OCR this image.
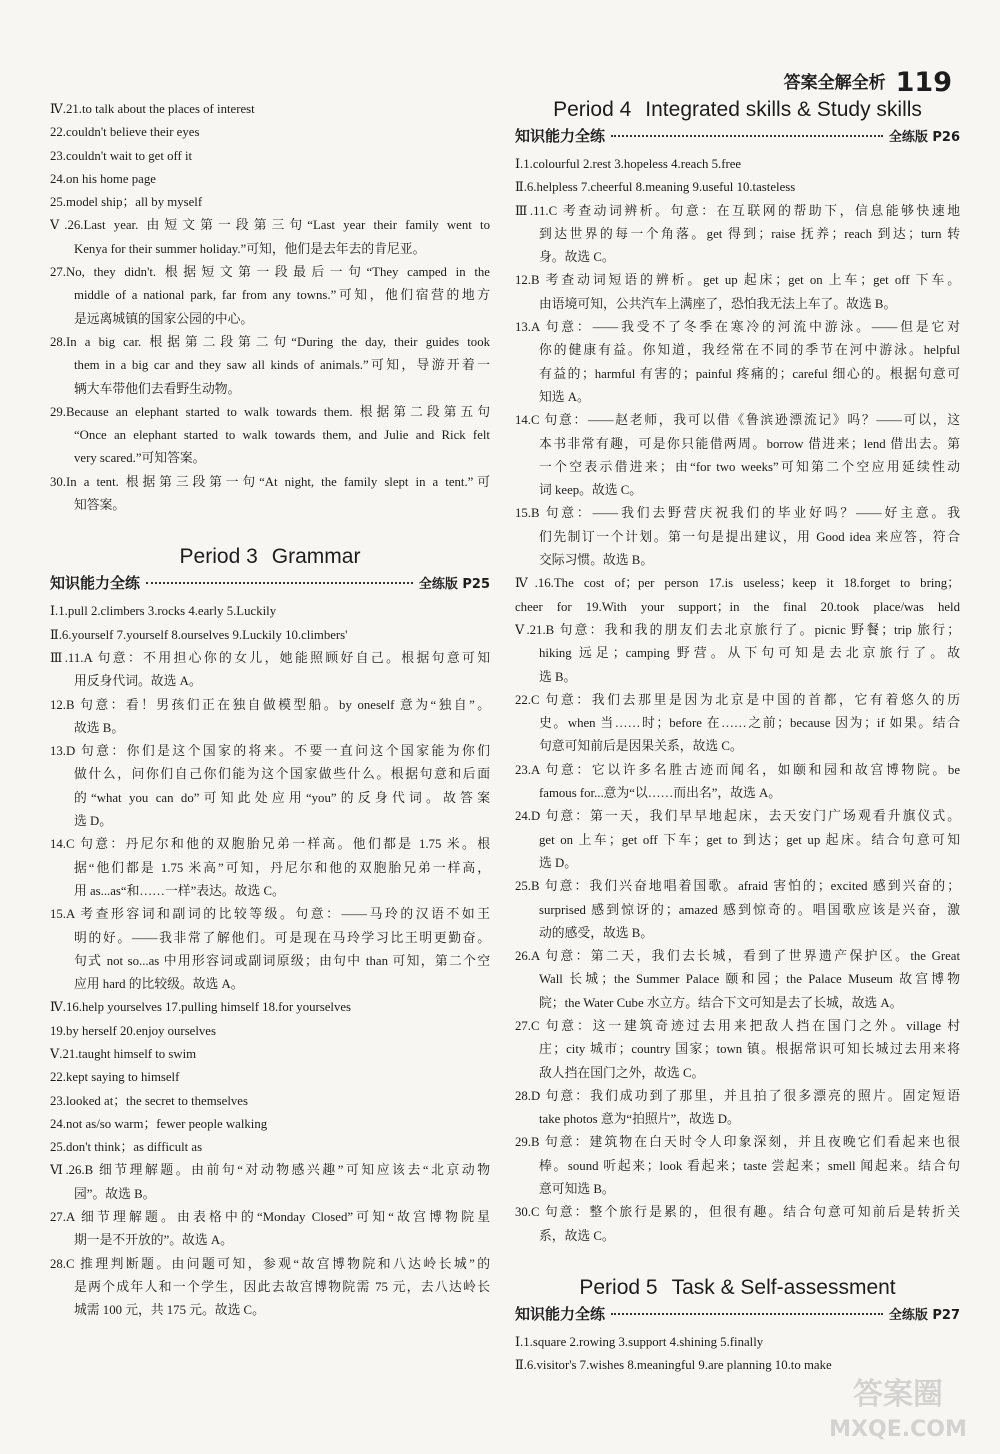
答案全解全析 119
Ⅳ.21.to talk about the places of interest
22.couldn't believe their eyes
23.couldn't wait to get off it
24.on his home page
25.model ship；all by myself
Ⅴ.26.Last year. 由短文第一段第三句“Last year their family went to
Kenya for their summer holiday.”可知，他们是去年去的肯尼亚。
27.No, they didn't. 根据短文第一段最后一句“They camped in the
middle of a national park, far from any towns.”可知，他们宿营的地方
是远离城镇的国家公园的中心。
28.In a big car. 根据第二段第二句“During the day, their guides took
them in a big car and they saw all kinds of animals.”可知，导游开着一
辆大车带他们去看野生动物。
29.Because an elephant started to walk towards them. 根据第二段第五句
“Once an elephant started to walk towards them, and Julie and Rick felt
very scared.”可知答案。
30.In a tent. 根据第三段第一句“At night, the family slept in a tent.”可
知答案。
Period 3 Grammar
知识能力全练	全练版 P25
Ⅰ.1.pull 2.climbers 3.rocks 4.early 5.Luckily
Ⅱ.6.yourself 7.yourself 8.ourselves 9.Luckily 10.climbers'
Ⅲ.11.A 句意：不用担心你的女儿，她能照顾好自己。根据句意可知
用反身代词。故选 A。
12.B 句意：看！男孩们正在独自做模型船。by oneself 意为“独自”。
故选 B。
13.D 句意：你们是这个国家的将来。不要一直问这个国家能为你们
做什么，问你们自己你们能为这个国家做些什么。根据句意和后面
的“what you can do”可知此处应用“you”的反身代词。故答案
选 D。
14.C 句意：丹尼尔和他的双胞胎兄弟一样高。他们都是 1.75 米。根
据“他们都是 1.75 米高”可知，丹尼尔和他的双胞胎兄弟一样高，
用 as...as“和……一样”表达。故选 C。
15.A 考查形容词和副词的比较等级。句意：——马玲的汉语不如王
明的好。——我非常了解他们。可是现在马玲学习比王明更勤奋。
句式 not so...as 中用形容词或副词原级；由句中 than 可知，第二个空
应用 hard 的比较级。故选 A。
Ⅳ.16.help yourselves 17.pulling himself 18.for yourselves
19.by herself 20.enjoy ourselves
Ⅴ.21.taught himself to swim
22.kept saying to himself
23.looked at；the secret to themselves
24.not as/so warm；fewer people walking
25.don't think；as difficult as
Ⅵ.26.B 细节理解题。由前句“对动物感兴趣”可知应该去“北京动物
园”。故选 B。
27.A 细节理解题。由表格中的“Monday Closed”可知“故宫博物院星
期一是不开放的”。故选 A。
28.C 推理判断题。由问题可知，参观“故宫博物院和八达岭长城”的
是两个成年人和一个学生，因此去故宫博物院需 75 元，去八达岭长
城需 100 元，共 175 元。故选 C。
Period 4 Integrated skills & Study skills
知识能力全练	全练版 P26
Ⅰ.1.colourful 2.rest 3.hopeless 4.reach 5.free
Ⅱ.6.helpless 7.cheerful 8.meaning 9.useful 10.tasteless
Ⅲ.11.C 考查动词辨析。句意：在互联网的帮助下，信息能够快速地
到达世界的每一个角落。get 得到；raise 抚养；reach 到达；turn 转
身。故选 C。
12.B 考查动词短语的辨析。get up 起床；get on 上车；get off 下车。
由语境可知，公共汽车上满座了，恐怕我无法上车了。故选 B。
13.A 句意：——我受不了冬季在寒冷的河流中游泳。——但是它对
你的健康有益。你知道，我经常在不同的季节在河中游泳。helpful
有益的；harmful 有害的；painful 疼痛的；careful 细心的。根据句意可
知选 A。
14.C 句意：——赵老师，我可以借《鲁滨逊漂流记》吗？——可以，这
本书非常有趣，可是你只能借两周。borrow 借进来；lend 借出去。第
一个空表示借进来；由“for two weeks”可知第二个空应用延续性动
词 keep。故选 C。
15.B 句意：——我们去野营庆祝我们的毕业好吗？——好主意。我
们先制订一个计划。第一句是提出建议，用 Good idea 来应答，符合
交际习惯。故选 B。
Ⅳ.16.The cost of；per person 17.is useless；keep it 18.forget to bring；
cheer for 19.With your support；in the final 20.took place/was held
Ⅴ.21.B 句意：我和我的朋友们去北京旅行了。picnic 野餐；trip 旅行；
hiking 远足；camping 野营。从下句可知是去北京旅行了。故
选 B。
22.C 句意：我们去那里是因为北京是中国的首都，它有着悠久的历
史。when 当……时；before 在……之前；because 因为；if 如果。结合
句意可知前后是因果关系，故选 C。
23.A 句意：它以许多名胜古迹而闻名，如颐和园和故宫博物院。be
famous for...意为“以……而出名”，故选 A。
24.D 句意：第一天，我们早早地起床，去天安门广场观看升旗仪式。
get on 上车；get off 下车；get to 到达；get up 起床。结合句意可知
选 D。
25.B 句意：我们兴奋地唱着国歌。afraid 害怕的；excited 感到兴奋的；
surprised 感到惊讶的；amazed 感到惊奇的。唱国歌应该是兴奋，激
动的感受，故选 B。
26.A 句意：第二天，我们去长城，看到了世界遗产保护区。the Great
Wall 长城；the Summer Palace 颐和园；the Palace Museum 故宫博物
院；the Water Cube 水立方。结合下文可知是去了长城，故选 A。
27.C 句意：这一建筑奇迹过去用来把敌人挡在国门之外。village 村
庄；city 城市；country 国家；town 镇。根据常识可知长城过去用来将
敌人挡在国门之外，故选 C。
28.D 句意：我们成功到了那里，并且拍了很多漂亮的照片。固定短语
take photos 意为“拍照片”，故选 D。
29.B 句意：建筑物在白天时令人印象深刻，并且夜晚它们看起来也很
棒。sound 听起来；look 看起来；taste 尝起来；smell 闻起来。结合句
意可知选 B。
30.C 句意：整个旅行是累的，但很有趣。结合句意可知前后是转折关
系，故选 C。
Period 5 Task & Self-assessment
知识能力全练	全练版 P27
Ⅰ.1.square 2.rowing 3.support 4.shining 5.finally
Ⅱ.6.visitor's 7.wishes 8.meaningful 9.are planning 10.to make
答案圈
MXQE.COM
